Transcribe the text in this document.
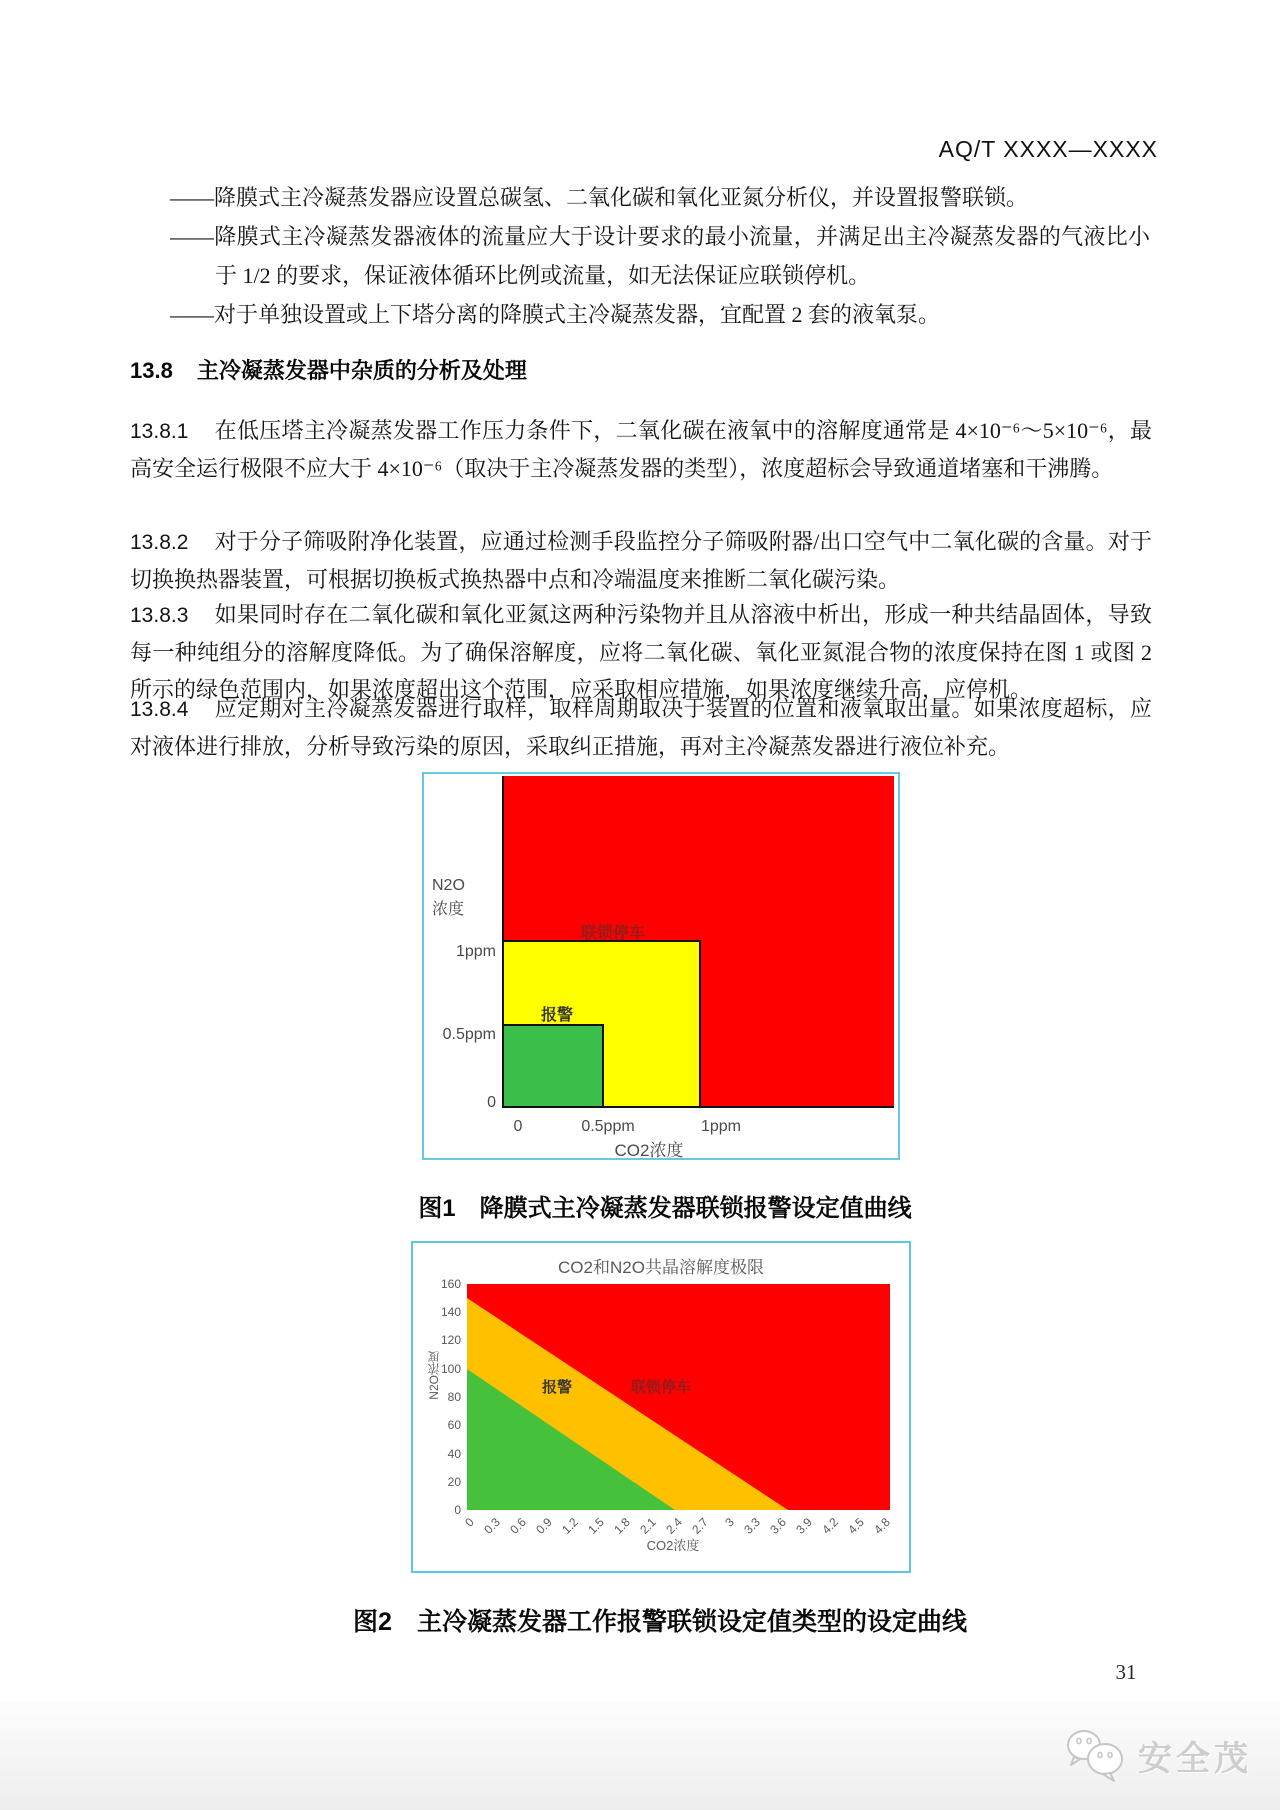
AQ/T XXXX—XXXX
——降膜式主冷凝蒸发器应设置总碳氢、二氧化碳和氧化亚氮分析仪，并设置报警联锁。
——降膜式主冷凝蒸发器液体的流量应大于设计要求的最小流量，并满足出主冷凝蒸发器的气液比小于 1/2 的要求，保证液体循环比例或流量，如无法保证应联锁停机。
——对于单独设置或上下塔分离的降膜式主冷凝蒸发器，宜配置 2 套的液氧泵。
13.8 主冷凝蒸发器中杂质的分析及处理
13.8.1 在低压塔主冷凝蒸发器工作压力条件下，二氧化碳在液氧中的溶解度通常是 4×10⁻⁶～5×10⁻⁶，最高安全运行极限不应大于 4×10⁻⁶（取决于主冷凝蒸发器的类型），浓度超标会导致通道堵塞和干沸腾。
13.8.2 对于分子筛吸附净化装置，应通过检测手段监控分子筛吸附器/出口空气中二氧化碳的含量。对于切换换热器装置，可根据切换板式换热器中点和冷端温度来推断二氧化碳污染。
13.8.3 如果同时存在二氧化碳和氧化亚氮这两种污染物并且从溶液中析出，形成一种共结晶固体，导致每一种纯组分的溶解度降低。为了确保溶解度，应将二氧化碳、氧化亚氮混合物的浓度保持在图 1 或图 2 所示的绿色范围内，如果浓度超出这个范围，应采取相应措施，如果浓度继续升高，应停机。
13.8.4 应定期对主冷凝蒸发器进行取样，取样周期取决于装置的位置和液氧取出量。如果浓度超标，应对液体进行排放，分析导致污染的原因，采取纠正措施，再对主冷凝蒸发器进行液位补充。
N2O
浓度
联锁停车
报警
1ppm
0.5ppm
0
0	0.5ppm	1ppm
CO2浓度
图1　降膜式主冷凝蒸发器联锁报警设定值曲线
CO2和N2O共晶溶解度极限
N2O浓度	报警	联锁停车
160
140
120
100
80
60
40
20
0
0 0.3 0.6 0.9 1.2 1.5 1.8 2.1 2.4 2.7 3 3.3 3.6 3.9 4.2 4.5 4.8
CO2浓度
图2　主冷凝蒸发器工作报警联锁设定值类型的设定曲线
31
安全茂
